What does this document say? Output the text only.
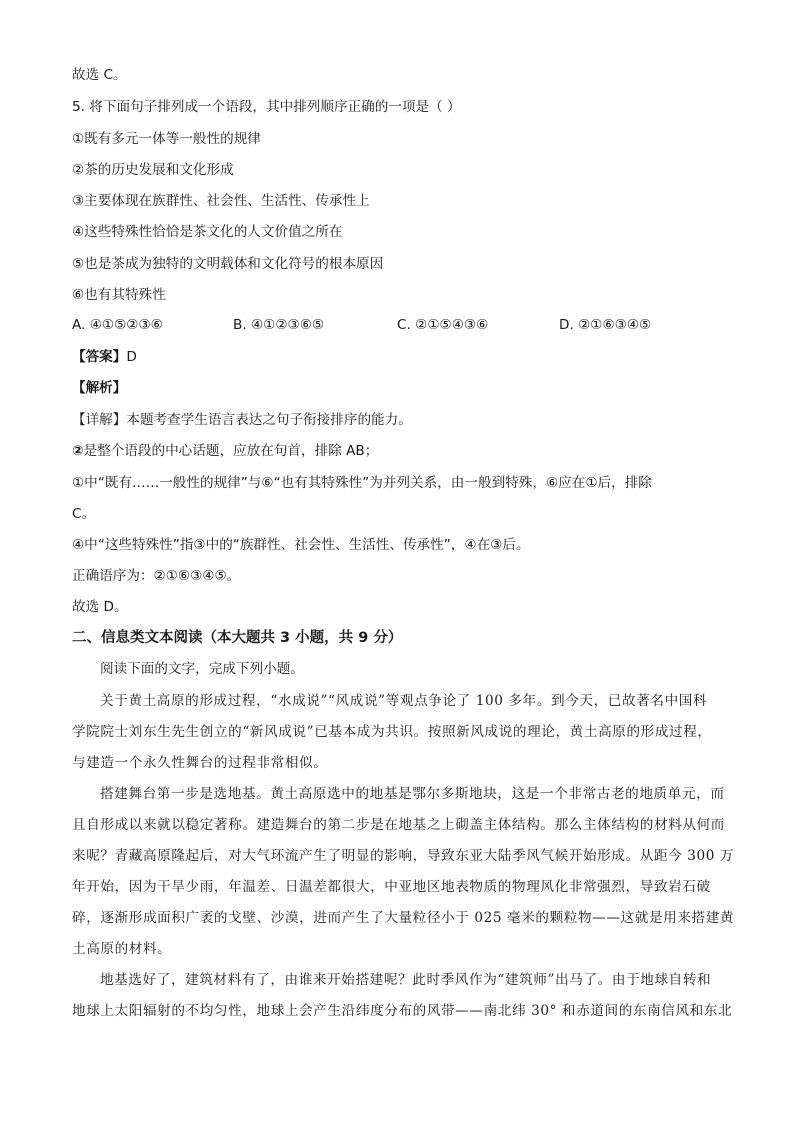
故选 C。
5. 将下面句子排列成一个语段，其中排列顺序正确的一项是（ ）
①既有多元一体等一般性的规律
②茶的历史发展和文化形成
③主要体现在族群性、社会性、生活性、传承性上
④这些特殊性恰恰是茶文化的人文价值之所在
⑤也是茶成为独特的文明载体和文化符号的根本原因
⑥也有其特殊性
A. ④①⑤②③⑥	B. ④①②③⑥⑤	C. ②①⑤④③⑥	D. ②①⑥③④⑤
【答案】D
【解析】
【详解】本题考查学生语言表达之句子衔接排序的能力。
②是整个语段的中心话题，应放在句首，排除 AB；
①中“既有……一般性的规律”与⑥“也有其特殊性”为并列关系，由一般到特殊，⑥应在①后，排除
C。
④中“这些特殊性”指③中的“族群性、社会性、生活性、传承性”，④在③后。
正确语序为：②①⑥③④⑤。
故选 D。
二、信息类文本阅读（本大题共 3 小题，共 9 分）
阅读下面的文字，完成下列小题。
关于黄土高原的形成过程，“水成说”“风成说”等观点争论了 100 多年。到今天，已故著名中国科
学院院士刘东生先生创立的“新风成说”已基本成为共识。按照新风成说的理论，黄土高原的形成过程，
与建造一个永久性舞台的过程非常相似。
搭建舞台第一步是选地基。黄土高原选中的地基是鄂尔多斯地块，这是一个非常古老的地质单元，而
且自形成以来就以稳定著称。建造舞台的第二步是在地基之上砌盖主体结构。那么主体结构的材料从何而
来呢？青藏高原隆起后，对大气环流产生了明显的影响，导致东亚大陆季风气候开始形成。从距今 300 万
年开始，因为干旱少雨，年温差、日温差都很大，中亚地区地表物质的物理风化非常强烈，导致岩石破
碎，逐渐形成面积广袤的戈壁、沙漠，进而产生了大量粒径小于 025 毫米的颗粒物——这就是用来搭建黄
土高原的材料。
地基选好了，建筑材料有了，由谁来开始搭建呢？此时季风作为“建筑师”出马了。由于地球自转和
地球上太阳辐射的不均匀性，地球上会产生沿纬度分布的风带——南北纬 30° 和赤道间的东南信风和东北
